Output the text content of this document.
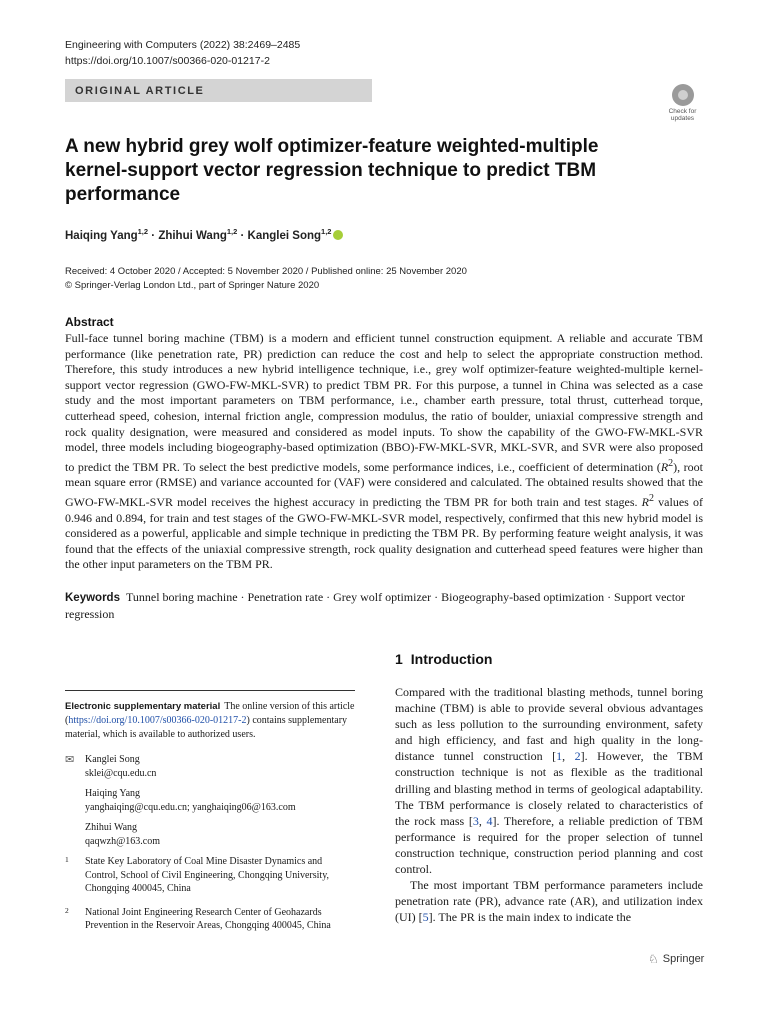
Engineering with Computers (2022) 38:2469–2485
https://doi.org/10.1007/s00366-020-01217-2
ORIGINAL ARTICLE
Check for updates
A new hybrid grey wolf optimizer-feature weighted-multiple kernel-support vector regression technique to predict TBM performance
Haiqing Yang$^{1,2}$ · Zhihui Wang$^{1,2}$ · Kanglei Song$^{1,2}$
Received: 4 October 2020 / Accepted: 5 November 2020 / Published online: 25 November 2020
© Springer-Verlag London Ltd., part of Springer Nature 2020
Abstract

Full-face tunnel boring machine (TBM) is a modern and efficient tunnel construction equipment. A reliable and accurate TBM performance (like penetration rate, PR) prediction can reduce the cost and help to select the appropriate construction method. Therefore, this study introduces a new hybrid intelligence technique, i.e., grey wolf optimizer-feature weighted-multiple kernel-support vector regression (GWO-FW-MKL-SVR) to predict TBM PR. For this purpose, a tunnel in China was selected as a case study and the most important parameters on TBM performance, i.e., chamber earth pressure, total thrust, cutterhead torque, cutterhead speed, cohesion, internal friction angle, compression modulus, the ratio of boulder, uniaxial compressive strength and rock quality designation, were measured and considered as model inputs. To show the capability of the GWO-FW-MKL-SVR model, three models including biogeography-based optimization (BBO)-FW-MKL-SVR, MKL-SVR, and SVR were also proposed to predict the TBM PR. To select the best predictive models, some performance indices, i.e., coefficient of determination $(R^2)$, root mean square error (RMSE) and variance accounted for (VAF) were considered and calculated. The obtained results showed that the GWO-FW-MKL-SVR model receives the highest accuracy in predicting the TBM PR for both train and test stages. $R^2$ values of 0.946 and 0.894, for train and test stages of the GWO-FW-MKL-SVR model, respectively, confirmed that this new hybrid model is considered as a powerful, applicable and simple technique in predicting the TBM PR. By performing feature weight analysis, it was found that the effects of the uniaxial compressive strength, rock quality designation and cutterhead speed features were higher than the other input parameters on the TBM PR.

Keywords Tunnel boring machine · Penetration rate · Grey wolf optimizer · Biogeography-based optimization · Support vector regression
1 Introduction

Compared with the traditional blasting methods, tunnel boring machine (TBM) is able to provide several obvious advantages such as less pollution to the surrounding environment, safety and high efficiency, and fast and high quality in the long-distance tunnel construction [1, 2]. However, the TBM construction technique is not as flexible as the traditional drilling and blasting method in terms of geological adaptability. The TBM performance is closely related to characteristics of the rock mass [3, 4]. Therefore, a reliable prediction of TBM performance is required for the proper selection of tunnel construction technique, construction period planning and cost control.

The most important TBM performance parameters include penetration rate (PR), advance rate (AR), and utilization index (UI) [5]. The PR is the main index to indicate the

Electronic supplementary material The online version of this article (https://doi.org/10.1007/s00366-020-01217-2) contains supplementary material, which is available to authorized users.
✉ Kanglei Song
sklei@cqu.edu.cn
Haiqing Yang
yanghaiqing@cqu.edu.cn; yanghaiqing06@163.com
Zhihui Wang
qaqwzh@163.com
1 State Key Laboratory of Coal Mine Disaster Dynamics and Control, School of Civil Engineering, Chongqing University, Chongqing 400045, China
2 National Joint Engineering Research Center of Geohazards Prevention in the Reservoir Areas, Chongqing 400045, China
♘ Springer
